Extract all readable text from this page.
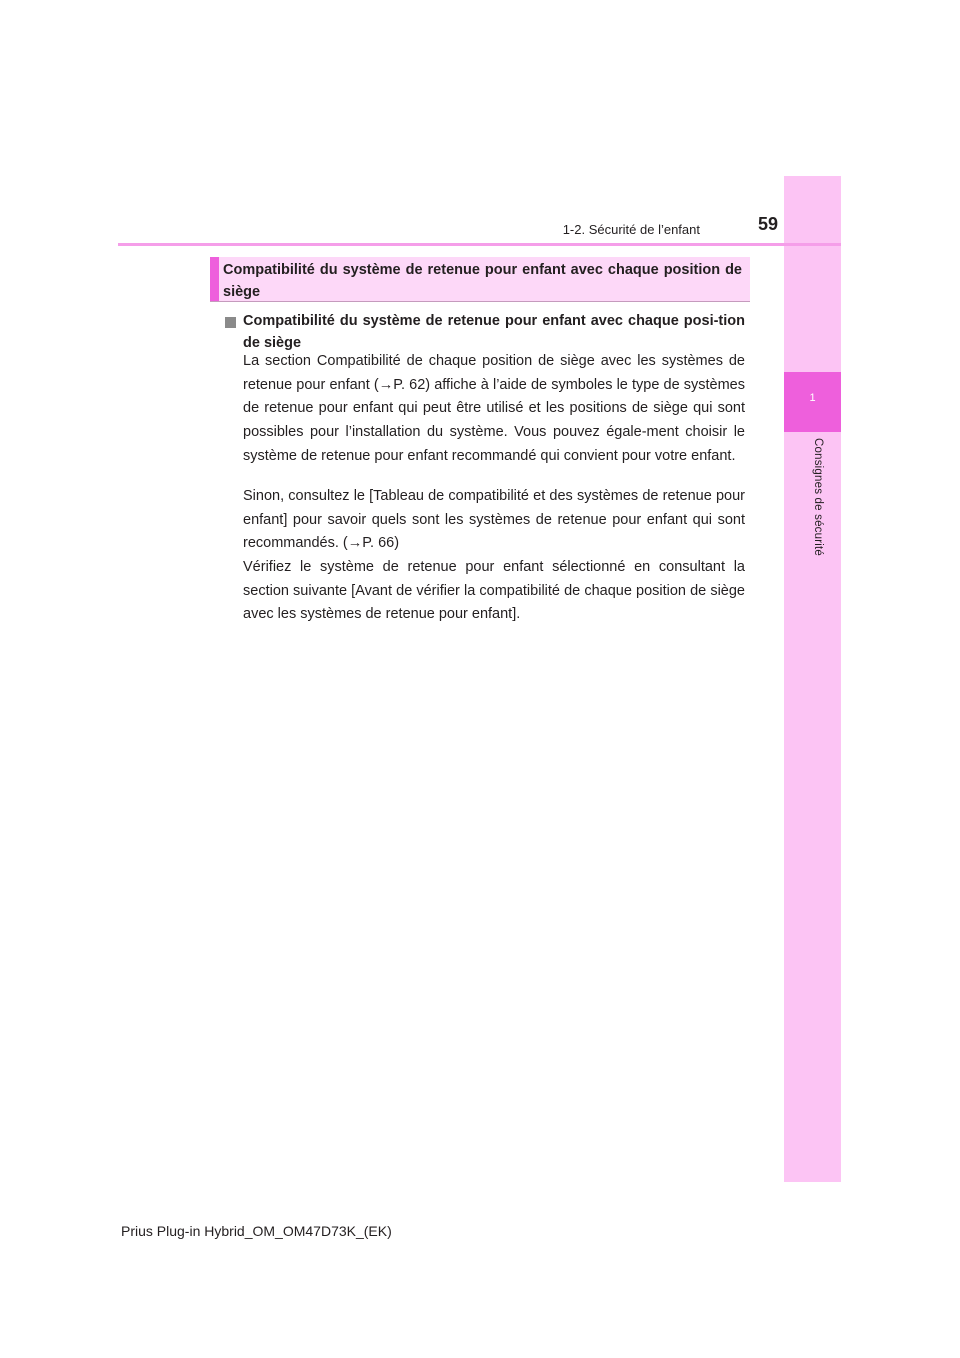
1
Consignes de sécurité
1-2. Sécurité de l’enfant	59
Compatibilité du système de retenue pour enfant avec chaque position de siège
Compatibilité du système de retenue pour enfant avec chaque posi-tion de siège

La section Compatibilité de chaque position de siège avec les systèmes de retenue pour enfant (→P. 62) affiche à l’aide de symboles le type de systèmes de retenue pour enfant qui peut être utilisé et les positions de siège qui sont possibles pour l’installation du système. Vous pouvez égale-ment choisir le système de retenue pour enfant recommandé qui convient pour votre enfant.

Sinon, consultez le [Tableau de compatibilité et des systèmes de retenue pour enfant] pour savoir quels sont les systèmes de retenue pour enfant qui sont recommandés. (→P. 66)

Vérifiez le système de retenue pour enfant sélectionné en consultant la section suivante [Avant de vérifier la compatibilité de chaque position de siège avec les systèmes de retenue pour enfant].

Prius Plug-in Hybrid_OM_OM47D73K_(EK)
